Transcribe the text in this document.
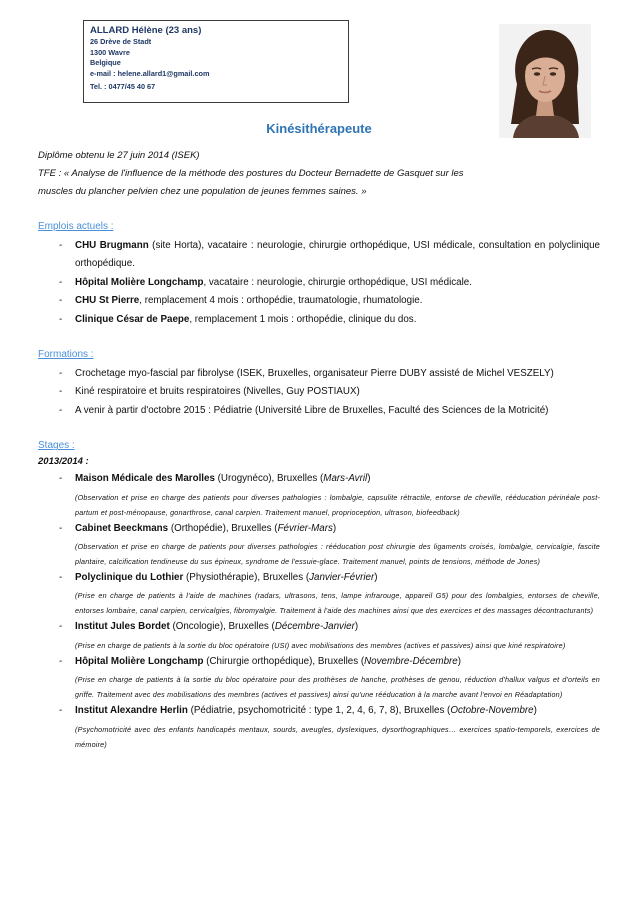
ALLARD Hélène (23 ans)
26 Drève de Stadt
1300 Wavre
Belgique
e-mail : helene.allard1@gmail.com
Tel. : 0477/45 40 67
Kinésithérapeute
Diplôme obtenu le 27 juin 2014 (ISEK)
TFE : « Analyse de l'influence de la méthode des postures du Docteur Bernadette de Gasquet sur les
muscles du plancher pelvien chez une population de jeunes femmes saines. »
Emplois actuels :
- CHU Brugmann (site Horta), vacataire : neurologie, chirurgie orthopédique, USI médicale, consultation en polyclinique orthopédique.
- Hôpital Molière Longchamp, vacataire : neurologie, chirurgie orthopédique, USI médicale.
- CHU St Pierre, remplacement 4 mois : orthopédie, traumatologie, rhumatologie.
- Clinique César de Paepe, remplacement 1 mois : orthopédie, clinique du dos.
Formations :
- Crochetage myo-fascial par fibrolyse (ISEK, Bruxelles, organisateur Pierre DUBY assisté de Michel VESZELY)
- Kiné respiratoire et bruits respiratoires (Nivelles, Guy POSTIAUX)
- A venir à partir d'octobre 2015 : Pédiatrie (Université Libre de Bruxelles, Faculté des Sciences de la Motricité)
Stages :
2013/2014 :
- Maison Médicale des Marolles (Urogynéco), Bruxelles (Mars-Avril)
(Observation et prise en charge des patients pour diverses pathologies : lombalgie, capsulite rétractile, entorse de cheville, rééducation périnéale post-partum et post-ménopause, gonarthrose, canal carpien. Traitement manuel, proprioception, ultrason, biofeedback)
- Cabinet Beeckmans (Orthopédie), Bruxelles (Février-Mars)
(Observation et prise en charge de patients pour diverses pathologies : rééducation post chirurgie des ligaments croisés, lombalgie, cervicalgie, fascite plantaire, calcification tendineuse du sus épineux, syndrome de l'essuie-glace. Traitement manuel, points de tensions, méthode de Jones)
- Polyclinique du Lothier (Physiothérapie), Bruxelles (Janvier-Février)
(Prise en charge de patients à l'aide de machines (radars, ultrasons, tens, lampe infrarouge, appareil G5) pour des lombalgies, entorses de cheville, entorses lombaire, canal carpien, cervicalgies, fibromyalgie. Traitement à l'aide des machines ainsi que des exercices et des massages décontracturants)
- Institut Jules Bordet (Oncologie), Bruxelles (Décembre-Janvier)
(Prise en charge de patients à la sortie du bloc opératoire (USI) avec mobilisations des membres (actives et passives) ainsi que kiné respiratoire)
- Hôpital Molière Longchamp (Chirurgie orthopédique), Bruxelles (Novembre-Décembre)
(Prise en charge de patients à la sortie du bloc opératoire pour des prothèses de hanche, prothèses de genou, réduction d'hallux valgus et d'orteils en griffe. Traitement avec des mobilisations des membres (actives et passives) ainsi qu'une rééducation à la marche avant l'envoi en Réadaptation)
- Institut Alexandre Herlin (Pédiatrie, psychomotricité : type 1, 2, 4, 6, 7, 8), Bruxelles (Octobre-Novembre)
(Psychomotricité avec des enfants handicapés mentaux, sourds, aveugles, dyslexiques, dysorthographiques… exercices spatio-temporels, exercices de mémoire)
